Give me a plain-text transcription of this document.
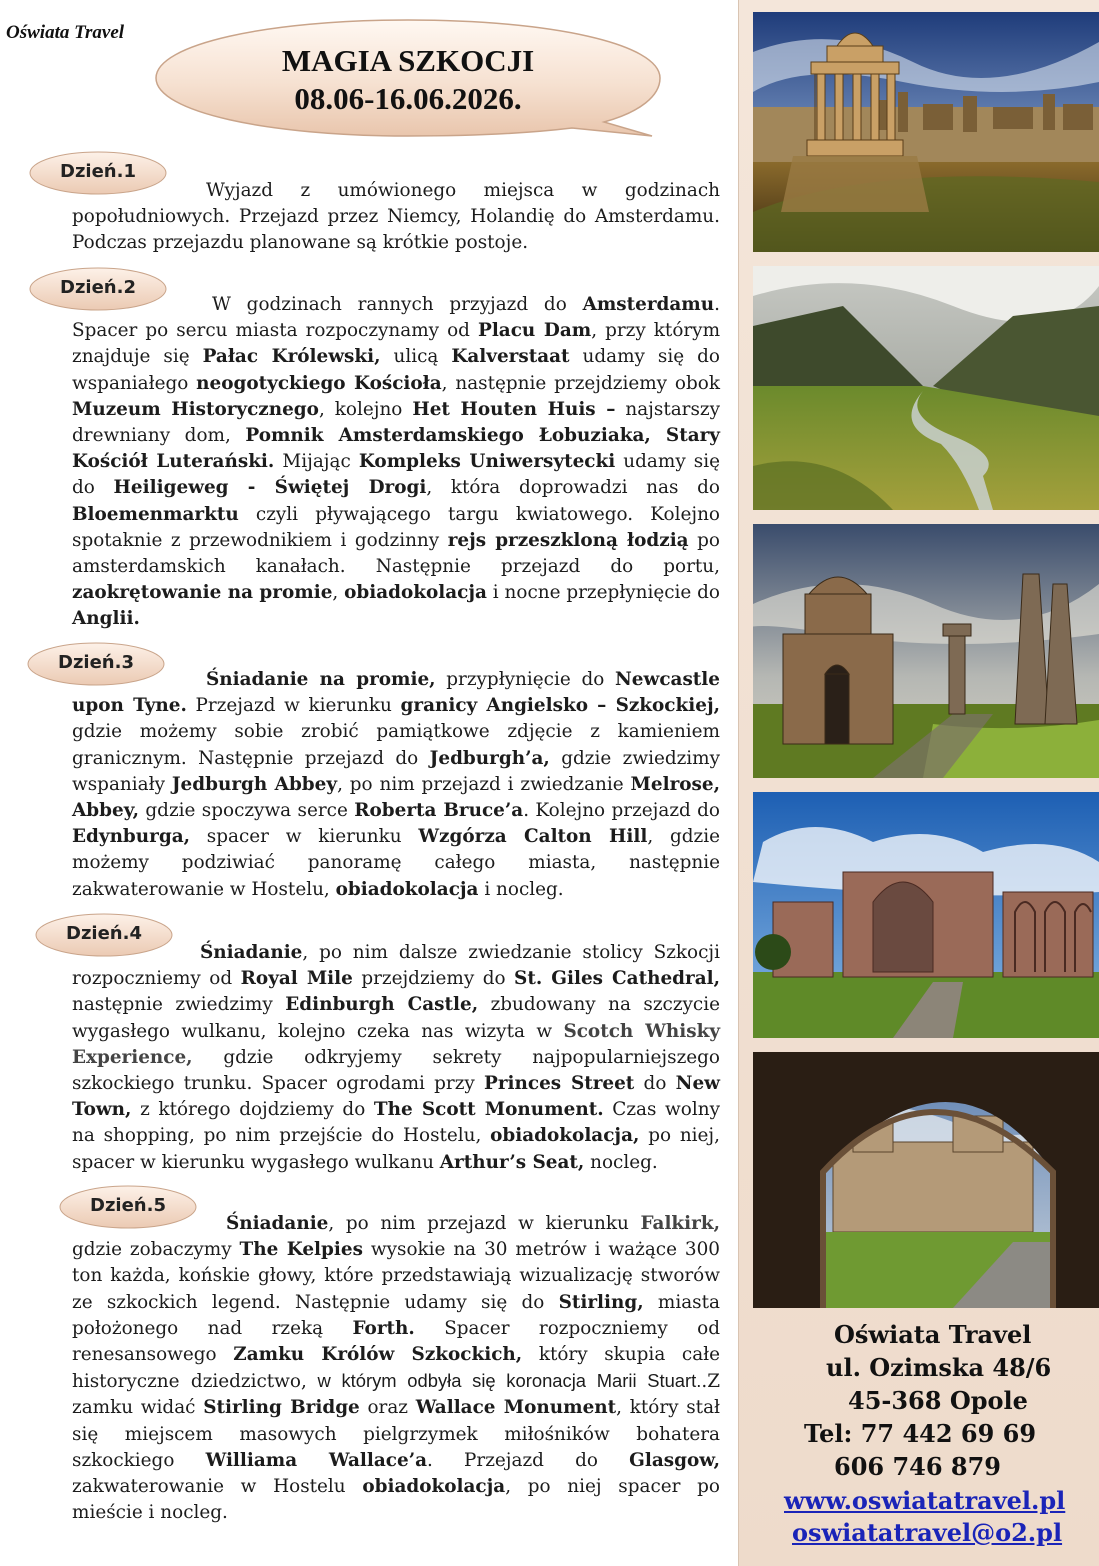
Oświata Travel
MAGIA SZKOCJI
08.06-16.06.2026.
Dzień.1
Dzień.2
Dzień.3
Dzień.4
Dzień.5
Wyjazd z umówionego miejsca w godzinach popołudniowych. Przejazd przez Niemcy, Holandię do Amsterdamu. Podczas przejazdu planowane są krótkie postoje.
W godzinach rannych przyjazd do Amsterdamu. Spacer po sercu miasta rozpoczynamy od Placu Dam, przy którym znajduje się Pałac Królewski, ulicą Kalverstaat udamy się do wspaniałego neogotyckiego Kościoła, następnie przejdziemy obok Muzeum Historycznego, kolejno Het Houten Huis – najstarszy drewniany dom, Pomnik Amsterdamskiego Łobuziaka, Stary Kościół Luterański. Mijając Kompleks Uniwersytecki udamy się do Heiligeweg - Świętej Drogi, która doprowadzi nas do Bloemenmarktu czyli pływającego targu kwiatowego. Kolejno spotaknie z przewodnikiem i godzinny rejs przeszkloną łodzią po amsterdamskich kanałach. Następnie przejazd do portu, zaokrętowanie na promie, obiadokolacja i nocne przepłynięcie do Anglii.
Śniadanie na promie, przypłynięcie do Newcastle upon Tyne. Przejazd w kierunku granicy Angielsko – Szkockiej, gdzie możemy sobie zrobić pamiątkowe zdjęcie z kamieniem granicznym. Następnie przejazd do Jedburgh’a, gdzie zwiedzimy wspaniały Jedburgh Abbey, po nim przejazd i zwiedzanie Melrose, Abbey, gdzie spoczywa serce Roberta Bruce’a. Kolejno przejazd do Edynburga, spacer w kierunku Wzgórza Calton Hill, gdzie możemy podziwiać panoramę całego miasta, następnie zakwaterowanie w Hostelu, obiadokolacja i nocleg.
Śniadanie, po nim dalsze zwiedzanie stolicy Szkocji rozpoczniemy od Royal Mile przejdziemy do St. Giles Cathedral, następnie zwiedzimy Edinburgh Castle, zbudowany na szczycie wygasłego wulkanu, kolejno czeka nas wizyta w Scotch Whisky Experience, gdzie odkryjemy sekrety najpopularniejszego szkockiego trunku. Spacer ogrodami przy Princes Street do New Town, z którego dojdziemy do The Scott Monument. Czas wolny na shopping, po nim przejście do Hostelu, obiadokolacja, po niej, spacer w kierunku wygasłego wulkanu Arthur’s Seat, nocleg.
Śniadanie, po nim przejazd w kierunku Falkirk, gdzie zobaczymy The Kelpies wysokie na 30 metrów i ważące 300 ton każda, końskie głowy, które przedstawiają wizualizację stworów ze szkockich legend. Następnie udamy się do Stirling, miasta położonego nad rzeką Forth. Spacer rozpoczniemy od renesansowego Zamku Królów Szkockich, który skupia całe historyczne dziedzictwo, w którym odbyła się koronacja Marii Stuart..Z zamku widać Stirling Bridge oraz Wallace Monument, który stał się miejscem masowych pielgrzymek miłośników bohatera szkockiego Williama Wallace’a. Przejazd do Glasgow, zakwaterowanie w Hostelu obiadokolacja, po niej spacer po mieście i nocleg.
Oświata Travel
ul. Ozimska 48/6
45-368 Opole
Tel: 77 442 69 69
606 746 879
www.oswiatatravel.pl
oswiatatravel@o2.pl
